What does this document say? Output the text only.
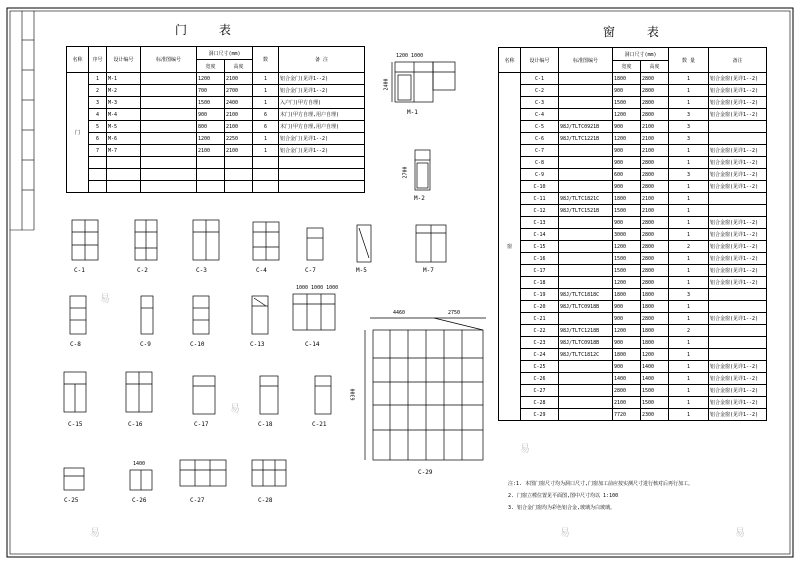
门 表
名称	序号	设计编号	标准图编号	洞口尺寸(mm)		数	备 注
				宽度	高度		
门	1	M-1		1200	2100	1	铝合金门(见详1--2)
	2	M-2		700	2700	1	铝合金门(见详1--2)
	3	M-3		1500	2400	1	入户门(甲方自理)
	4	M-4		900	2100	6	木门(甲方自理,用户自理)
	5	M-5		800	2100	6	木门(甲方自理,用户自理)
	6	M-6		1200	2250	1	铝合金门(见详1--2)
	7	M-7		2100	2100	1	铝合金门(见详1--2)

窗 表
名称	设计编号	标准图编号	洞口尺寸(mm)		数 量	备注
			宽度	高度		
窗	C-1		1800	2800	1	铝合金窗(见详1--2)
	C-2		900	2800	1	铝合金窗(见详1--2)
	C-3		1500	2800	1	铝合金窗(见详1--2)
	C-4		1200	2800	3	铝合金窗(见详1--2)
	C-5	98J/TLTC0921B	900	2100	3	
	C-6	98J/TLTC1221B	1200	2100	3	
	C-7		900	2100	1	铝合金窗(见详1--2)
	C-8		900	2800	1	铝合金窗(见详1--2)
	C-9		600	2800	3	铝合金窗(见详1--2)
	C-10		900	2800	1	铝合金窗(见详1--2)
	C-11	98J/TLTC1821C	1800	2100	1	
	C-12	98J/TLTC1521B	1500	2100	1	
	C-13		900	2800	1	铝合金窗(见详1--2)
	C-14		3000	2800	1	铝合金窗(见详1--2)
	C-15		1200	2800	2	铝合金窗(见详1--2)
	C-16		1500	2800	1	铝合金窗(见详1--2)
	C-17		1500	2800	1	铝合金窗(见详1--2)
	C-18		1200	2800	1	铝合金窗(见详1--2)
	C-19	98J/TLTC1818C	1800	1800	3	
	C-20	98J/TLTC0918B	900	1800	1	
	C-21		900	2800	1	铝合金窗(见详1--2)
	C-22	98J/TLTC1218B	1200	1800	2	
	C-23	98J/TLTC0918B	900	1800	1	
	C-24	98J/TLTC1812C	1800	1200	1	
	C-25		900	1400	1	铝合金窗(见详1--2)
	C-26		1400	1400	1	铝合金窗(见详1--2)
	C-27		2800	1500	1	铝合金窗(见详1--2)
	C-28		2100	1500	1	铝合金窗(见详1--2)
	C-29		7720	2300	1	铝合金窗(见详1--2)
注:1. 本图门窗尺寸均为洞口尺寸,门窗加工前应按实测尺寸进行核对后再行加工。
2. 门窗立樘位置见平面图,图中尺寸均以 1:100
3. 铝合金门窗均为彩色铝合金,玻璃为白玻璃。
M-1
M-2
C-1	C-2	C-3	C-4	C-7	M-5	M-7
C-8	C-9	C-10	C-13	C-14
C-15	C-16	C-17	C-18	C-21
C-25	C-26	C-27	C-28
C-29
1200 1000
2400
2700
4460	2750
6300
1400
1000 1000 1000
易
易
易
易	易	易
